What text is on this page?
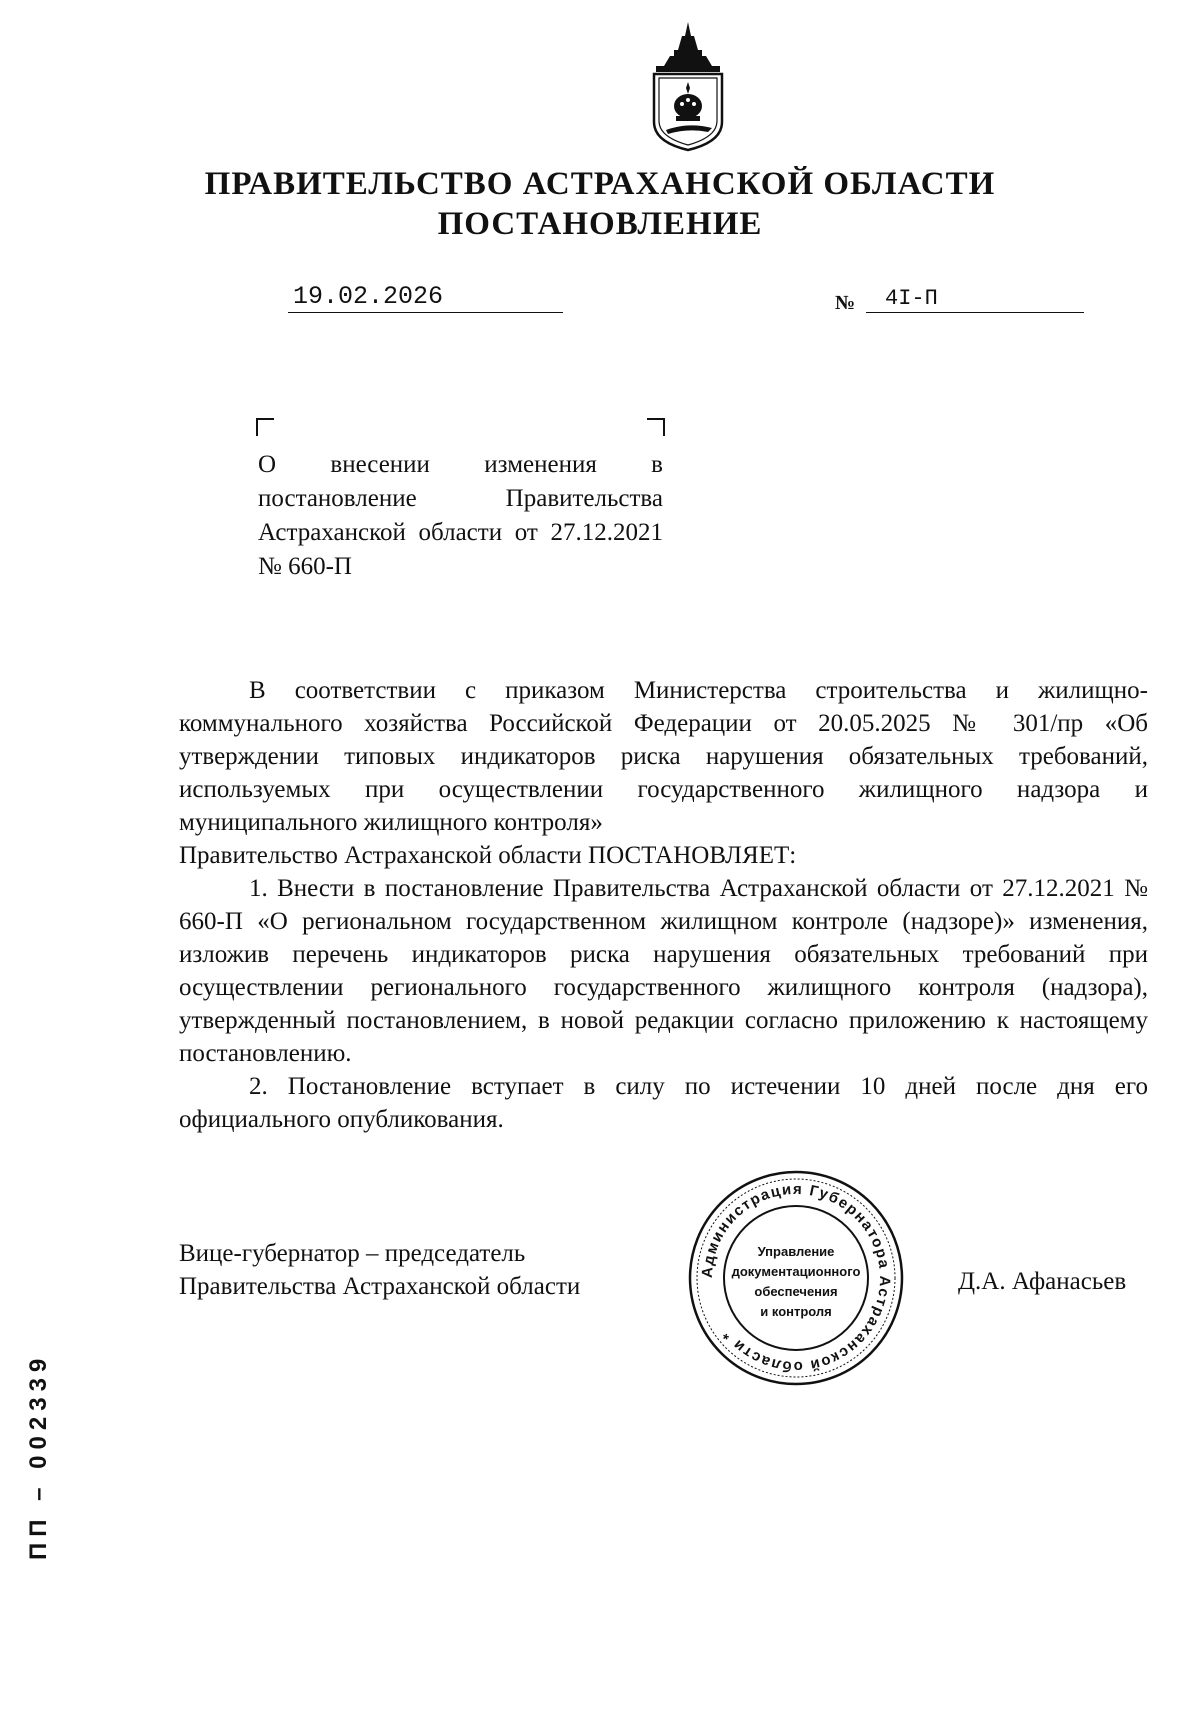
ПРАВИТЕЛЬСТВО АСТРАХАНСКОЙ ОБЛАСТИ
ПОСТАНОВЛЕНИЕ
19.02.2026	№ 4I-П
О внесении изменения в постановление Правительства Астраханской области от 27.12.2021 № 660-П

В соответствии с приказом Министерства строительства и жилищно-коммунального хозяйства Российской Федерации от 20.05.2025 № 301/пр «Об утверждении типовых индикаторов риска нарушения обязательных требований, используемых при осуществлении государственного жилищного надзора и муниципального жилищного контроля»

Правительство Астраханской области ПОСТАНОВЛЯЕТ:

1. Внести в постановление Правительства Астраханской области от 27.12.2021 № 660-П «О региональном государственном жилищном контроле (надзоре)» изменения, изложив перечень индикаторов риска нарушения обязательных требований при осуществлении регионального государственного жилищного контроля (надзора), утвержденный постановлением, в новой редакции согласно приложению к настоящему постановлению.

2. Постановление вступает в силу по истечении 10 дней после дня его официального опубликования.

Вице-губернатор – председатель
Правительства Астраханской области
Администрация Губернатора Астраханской области *
Управление
документационного
обеспечения
и контроля
Д.А. Афанасьев
ПП – 002339
